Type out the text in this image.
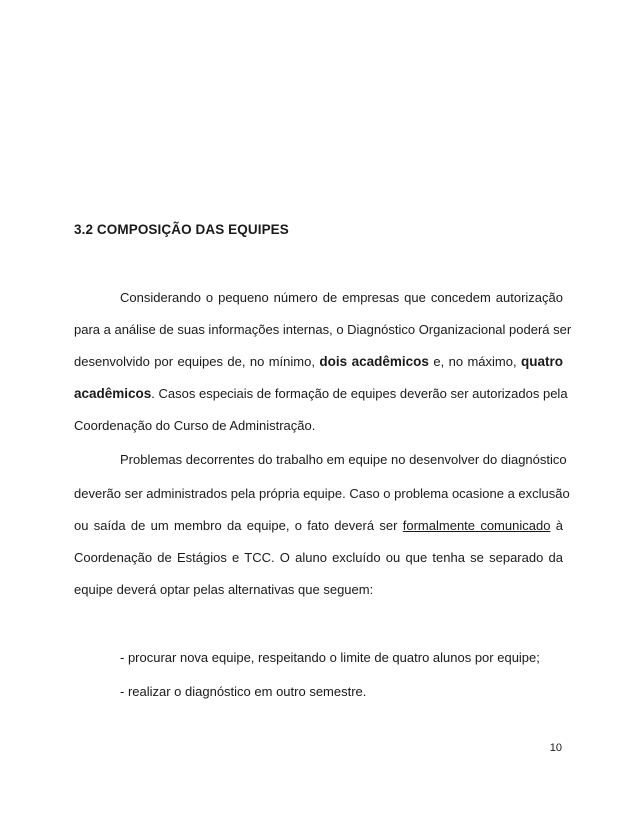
3.2 COMPOSIÇÃO DAS EQUIPES
Considerando o pequeno número de empresas que concedem autorização
para a análise de suas informações internas, o Diagnóstico Organizacional poderá ser
desenvolvido por equipes de, no mínimo, dois acadêmicos e, no máximo, quatro
acadêmicos. Casos especiais de formação de equipes deverão ser autorizados pela
Coordenação do Curso de Administração.
Problemas decorrentes do trabalho em equipe no desenvolver do diagnóstico
deverão ser administrados pela própria equipe. Caso o problema ocasione a exclusão
ou saída de um membro da equipe, o fato deverá ser formalmente comunicado à
Coordenação de Estágios e TCC. O aluno excluído ou que tenha se separado da
equipe deverá optar pelas alternativas que seguem:
- procurar nova equipe, respeitando o limite de quatro alunos por equipe;
- realizar o diagnóstico em outro semestre.
10
